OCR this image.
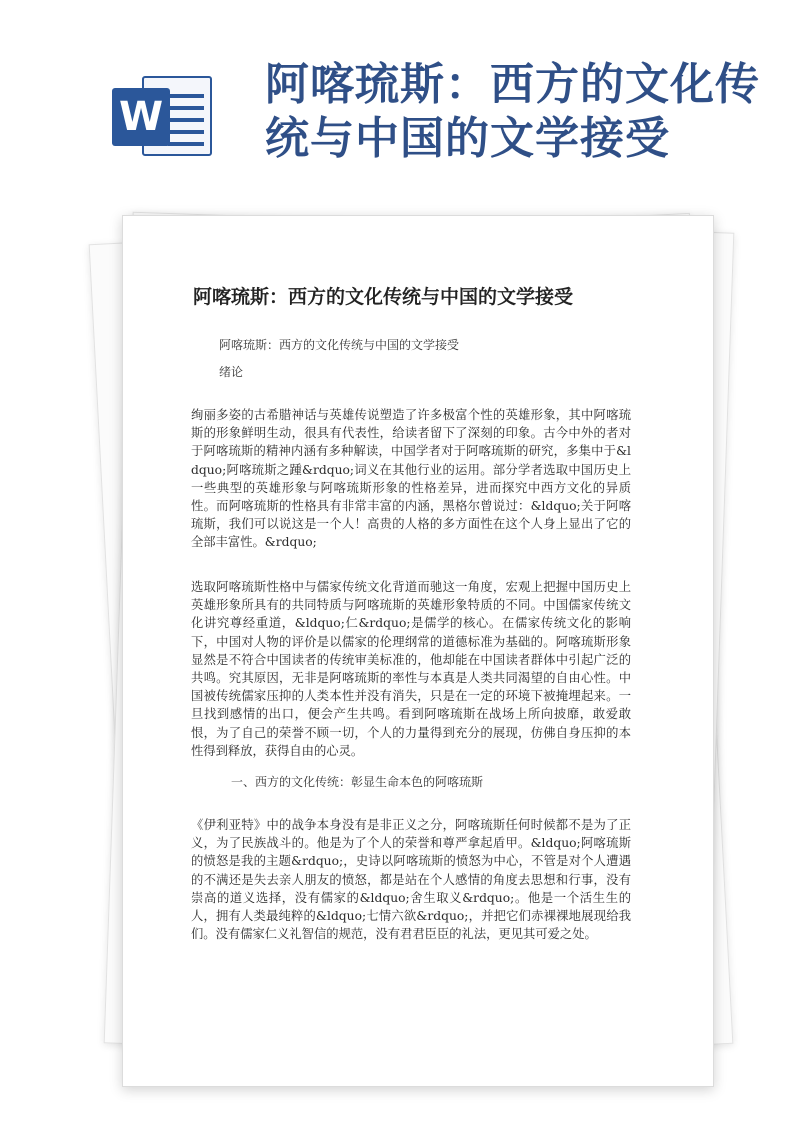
W
阿喀琉斯：西方的文化传统与中国的文学接受
阿喀琉斯：西方的文化传统与中国的文学接受
阿喀琉斯：西方的文化传统与中国的文学接受
绪论

绚丽多姿的古希腊神话与英雄传说塑造了许多极富个性的英雄形象，其中阿喀琉斯的形象鲜明生动，很具有代表性，给读者留下了深刻的印象。古今中外的者对于阿喀琉斯的精神内涵有多种解读，中国学者对于阿喀琉斯的研究，多集中于&ldquo;阿喀琉斯之踵&rdquo;词义在其他行业的运用。部分学者选取中国历史上一些典型的英雄形象与阿喀琉斯形象的性格差异，进而探究中西方文化的异质性。而阿喀琉斯的性格具有非常丰富的内涵，黑格尔曾说过：&ldquo;关于阿喀琉斯，我们可以说这是一个人！高贵的人格的多方面性在这个人身上显出了它的全部丰富性。&rdquo;

选取阿喀琉斯性格中与儒家传统文化背道而驰这一角度，宏观上把握中国历史上英雄形象所具有的共同特质与阿喀琉斯的英雄形象特质的不同。中国儒家传统文化讲究尊经重道，&ldquo;仁&rdquo;是儒学的核心。在儒家传统文化的影响下，中国对人物的评价是以儒家的伦理纲常的道德标准为基础的。阿喀琉斯形象显然是不符合中国读者的传统审美标准的，他却能在中国读者群体中引起广泛的共鸣。究其原因，无非是阿喀琉斯的率性与本真是人类共同渴望的自由心性。中国被传统儒家压抑的人类本性并没有消失，只是在一定的环境下被掩埋起来。一旦找到感情的出口，便会产生共鸣。看到阿喀琉斯在战场上所向披靡，敢爱敢恨，为了自己的荣誉不顾一切，个人的力量得到充分的展现，仿佛自身压抑的本性得到释放，获得自由的心灵。

一、西方的文化传统：彰显生命本色的阿喀琉斯

《伊利亚特》中的战争本身没有是非正义之分，阿喀琉斯任何时候都不是为了正义，为了民族战斗的。他是为了个人的荣誉和尊严拿起盾甲。&ldquo;阿喀琉斯的愤怒是我的主题&rdquo;，史诗以阿喀琉斯的愤怒为中心，不管是对个人遭遇的不满还是失去亲人朋友的愤怒，都是站在个人感情的角度去思想和行事，没有崇高的道义选择，没有儒家的&ldquo;舍生取义&rdquo;。他是一个活生生的人，拥有人类最纯粹的&ldquo;七情六欲&rdquo;，并把它们赤裸裸地展现给我们。没有儒家仁义礼智信的规范，没有君君臣臣的礼法，更见其可爱之处。
